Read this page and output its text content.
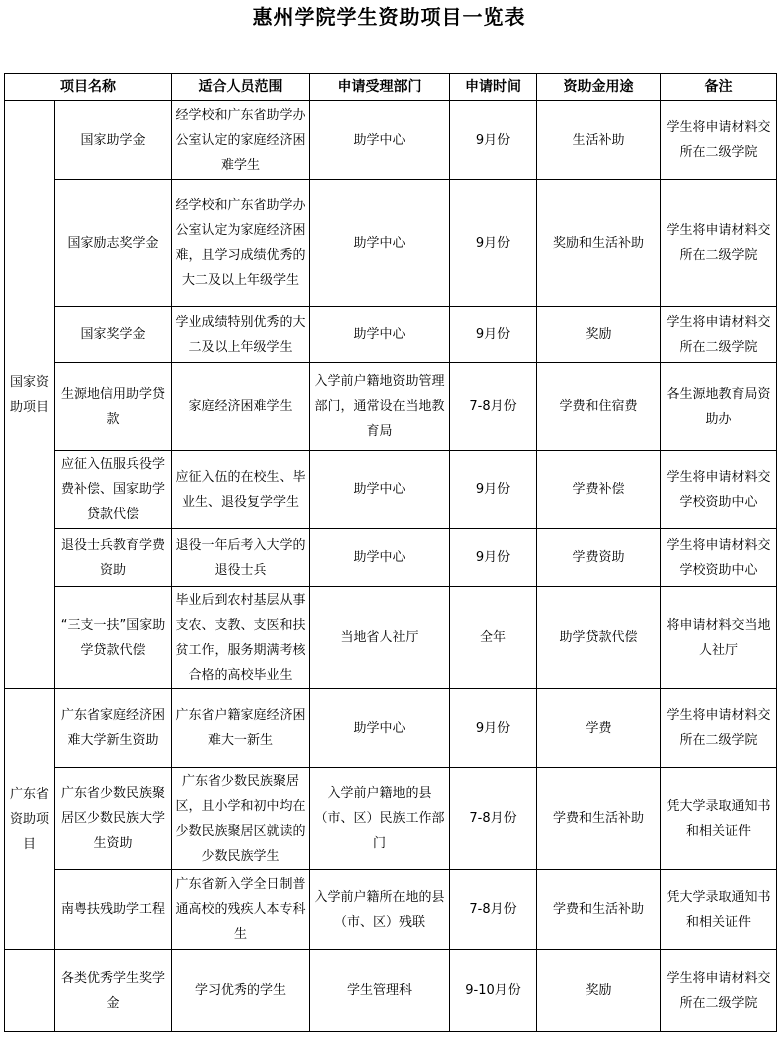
惠州学院学生资助项目一览表
项目名称		适合人员范围	申请受理部门	申请时间	资助金用途	备注
国家资助项目	国家助学金	经学校和广东省助学办公室认定的家庭经济困难学生	助学中心	9月份	生活补助	学生将申请材料交所在二级学院
	国家励志奖学金	经学校和广东省助学办公室认定为家庭经济困难，且学习成绩优秀的大二及以上年级学生	助学中心	9月份	奖励和生活补助	学生将申请材料交所在二级学院
	国家奖学金	学业成绩特别优秀的大二及以上年级学生	助学中心	9月份	奖励	学生将申请材料交所在二级学院
	生源地信用助学贷款	家庭经济困难学生	入学前户籍地资助管理部门，通常设在当地教育局	7-8月份	学费和住宿费	各生源地教育局资助办
	应征入伍服兵役学费补偿、国家助学贷款代偿	应征入伍的在校生、毕业生、退役复学学生	助学中心	9月份	学费补偿	学生将申请材料交学校资助中心
	退役士兵教育学费资助	退役一年后考入大学的退役士兵	助学中心	9月份	学费资助	学生将申请材料交学校资助中心
	“三支一扶”国家助学贷款代偿	毕业后到农村基层从事支农、支教、支医和扶贫工作，服务期满考核合格的高校毕业生	当地省人社厅	全年	助学贷款代偿	将申请材料交当地人社厅
广东省资助项目	广东省家庭经济困难大学新生资助	广东省户籍家庭经济困难大一新生	助学中心	9月份	学费	学生将申请材料交所在二级学院
	广东省少数民族聚居区少数民族大学生资助	广东省少数民族聚居区，且小学和初中均在少数民族聚居区就读的少数民族学生	入学前户籍地的县（市、区）民族工作部门	7-8月份	学费和生活补助	凭大学录取通知书和相关证件
	南粤扶残助学工程	广东省新入学全日制普通高校的残疾人本专科生	入学前户籍所在地的县（市、区）残联	7-8月份	学费和生活补助	凭大学录取通知书和相关证件
	各类优秀学生奖学金	学习优秀的学生	学生管理科	9-10月份	奖励	学生将申请材料交所在二级学院
